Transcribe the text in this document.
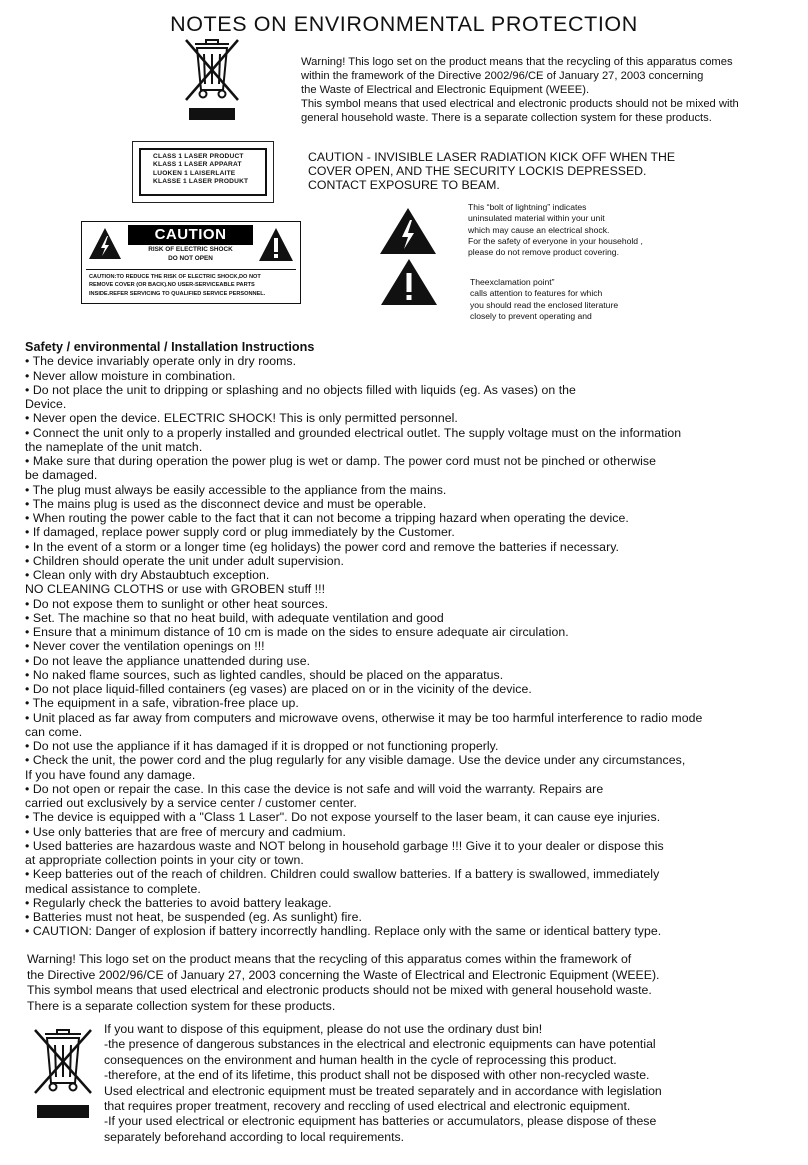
NOTES ON ENVIRONMENTAL PROTECTION
Warning! This logo set on the product means that the recycling of this apparatus comes
within the framework of the Directive 2002/96/CE of January 27, 2003 concerning
the Waste of Electrical and Electronic Equipment (WEEE).
This symbol means that used electrical and electronic products should not be mixed with
general household waste. There is a separate collection system for these products.
CLASS 1 LASER PRODUCT
KLASS 1 LASER APPARAT
LUOKEN 1 LAISERLAITE
KLASSE 1 LASER PRODUKT
CAUTION - INVISIBLE LASER RADIATION KICK OFF WHEN THE
COVER OPEN, AND THE SECURITY LOCKIS DEPRESSED.
CONTACT EXPOSURE TO BEAM.
CAUTION
RISK OF ELECTRIC SHOCK
DO NOT OPEN
CAUTION:TO REDUCE THE RISK OF ELECTRIC SHOCK,DO NOT
REMOVE COVER (OR BACK).NO USER-SERVICEABLE PARTS
INSIDE.REFER SERVICING TO QUALIFIED SERVICE PERSONNEL.
This “bolt of lightning” indicates
uninsulated material within your unit
which may cause an electrical shock.
For the safety of everyone in your household ,
please do not remove product covering.
Theexclamation point”
calls attention to features for which
you should read the enclosed literature
closely to prevent operating and
Safety / environmental / Installation Instructions
• The device invariably operate only in dry rooms.
• Never allow moisture in combination.
• Do not place the unit to dripping or splashing and no objects filled with liquids (eg. As vases) on the
Device.
• Never open the device. ELECTRIC SHOCK! This is only permitted personnel.
• Connect the unit only to a properly installed and grounded electrical outlet. The supply voltage must on the information
the nameplate of the unit match.
• Make sure that during operation the power plug is wet or damp. The power cord must not be pinched or otherwise
be damaged.
• The plug must always be easily accessible to the appliance from the mains.
• The mains plug is used as the disconnect device and must be operable.
• When routing the power cable to the fact that it can not become a tripping hazard when operating the device.
• If damaged, replace power supply cord or plug immediately by the Customer.
• In the event of a storm or a longer time (eg holidays) the power cord and remove the batteries if necessary.
• Children should operate the unit under adult supervision.
• Clean only with dry Abstaubtuch exception.
NO CLEANING CLOTHS or use with GROBEN stuff !!!
• Do not expose them to sunlight or other heat sources.
• Set. The machine so that no heat build, with adequate ventilation and good
• Ensure that a minimum distance of 10 cm is made on the sides to ensure adequate air circulation.
• Never cover the ventilation openings on !!!
• Do not leave the appliance unattended during use.
• No naked flame sources, such as lighted candles, should be placed on the apparatus.
• Do not place liquid-filled containers (eg vases) are placed on or in the vicinity of the device.
• The equipment in a safe, vibration-free place up.
• Unit placed as far away from computers and microwave ovens, otherwise it may be too harmful interference to radio mode
can come.
• Do not use the appliance if it has damaged if it is dropped or not functioning properly.
• Check the unit, the power cord and the plug regularly for any visible damage. Use the device under any circumstances,
If you have found any damage.
• Do not open or repair the case. In this case the device is not safe and will void the warranty. Repairs are
carried out exclusively by a service center / customer center.
• The device is equipped with a "Class 1 Laser". Do not expose yourself to the laser beam, it can cause eye injuries.
• Use only batteries that are free of mercury and cadmium.
• Used batteries are hazardous waste and NOT belong in household garbage !!! Give it to your dealer or dispose this
at appropriate collection points in your city or town.
• Keep batteries out of the reach of children. Children could swallow batteries. If a battery is swallowed, immediately
medical assistance to complete.
• Regularly check the batteries to avoid battery leakage.
• Batteries must not heat, be suspended (eg. As sunlight) fire.
• CAUTION: Danger of explosion if battery incorrectly handling. Replace only with the same or identical battery type.
Warning! This logo set on the product means that the recycling of this apparatus comes within the framework of
the Directive 2002/96/CE of January 27, 2003 concerning the Waste of Electrical and Electronic Equipment (WEEE).
This symbol means that used electrical and electronic products should not be mixed with general household waste.
There is a separate collection system for these products.
If you want to dispose of this equipment, please do not use the ordinary dust bin!
-the presence of dangerous substances in the electrical and electronic equipments can have potential
consequences on the environment and human health in the cycle of reprocessing this product.
-therefore, at the end of its lifetime, this product shall not be disposed with other non-recycled waste.
Used electrical and electronic equipment must be treated separately and in accordance with legislation
that requires proper treatment, recovery and reccling of used electrical and electronic equipment.
-If your used electrical or electronic equipment has batteries or accumulators, please dispose of these
separately beforehand according to local requirements.
